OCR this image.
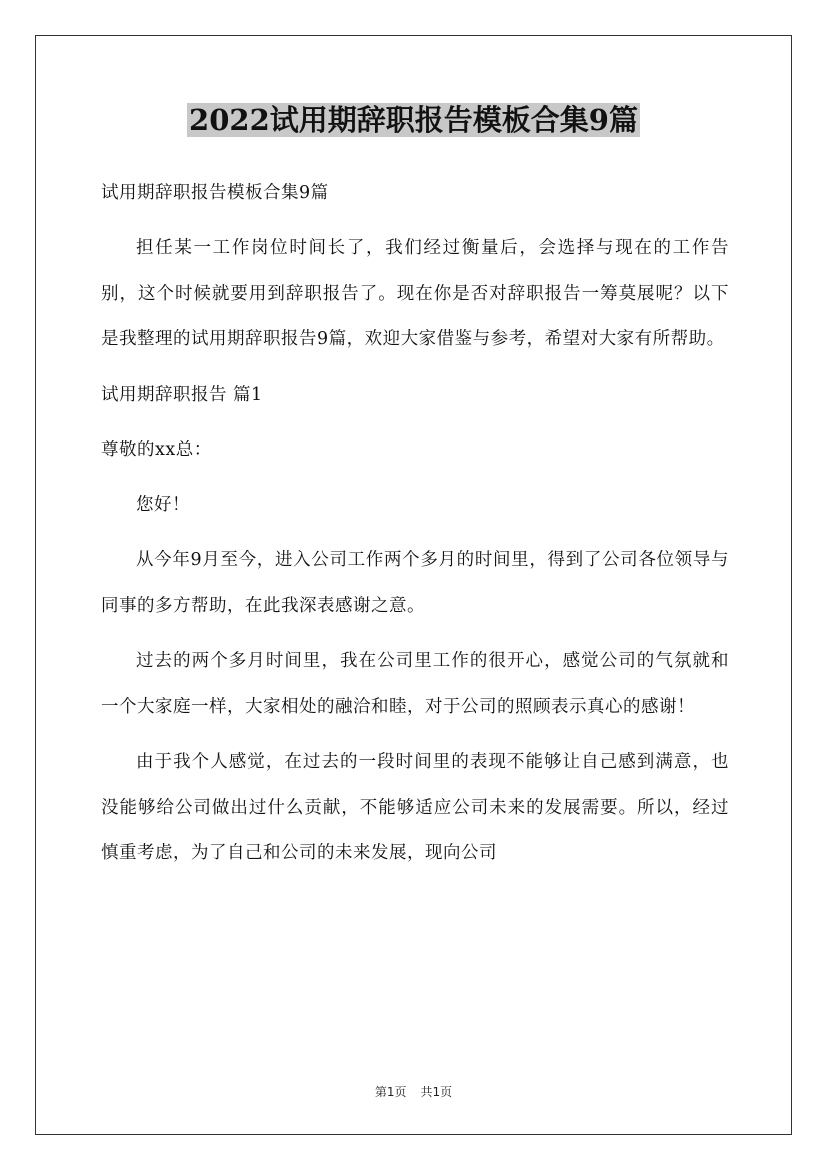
2022试用期辞职报告模板合集9篇

试用期辞职报告模板合集9篇

担任某一工作岗位时间长了，我们经过衡量后，会选择与现在的工作告别，这个时候就要用到辞职报告了。现在你是否对辞职报告一筹莫展呢？以下是我整理的试用期辞职报告9篇，欢迎大家借鉴与参考，希望对大家有所帮助。

试用期辞职报告 篇1

尊敬的xx总：

您好！

从今年9月至今，进入公司工作两个多月的时间里，得到了公司各位领导与同事的多方帮助，在此我深表感谢之意。

过去的两个多月时间里，我在公司里工作的很开心，感觉公司的气氛就和一个大家庭一样，大家相处的融洽和睦，对于公司的照顾表示真心的感谢！

由于我个人感觉，在过去的一段时间里的表现不能够让自己感到满意，也没能够给公司做出过什么贡献，不能够适应公司未来的发展需要。所以，经过慎重考虑，为了自己和公司的未来发展，现向公司

第1页 共1页
